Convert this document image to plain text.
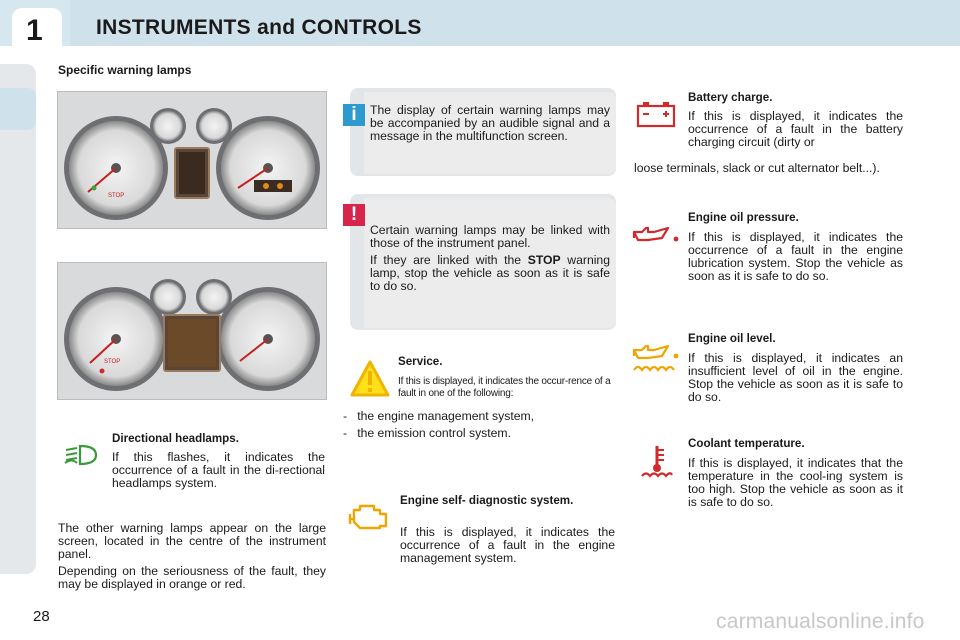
1	INSTRUMENTS and CONTROLS
Specific warning lamps
STOP
STOP
The display of certain warning lamps may be accompanied by an audible signal and a message in the multifunction screen.
i
Certain warning lamps may be linked with those of the instrument panel.
If they are linked with the STOP warning lamp, stop the vehicle as soon as it is safe to do so.
!
Service.
If this is displayed, it indicates the occur-rence of a fault in one of the following:
-   the engine management system,
-   the emission control system.
Directional headlamps.
If this flashes, it indicates the occurrence of a fault in the di-rectional headlamps system.
The other warning lamps appear on the large screen, located in the centre of the instrument panel.
Depending on the seriousness of the fault, they may be displayed in orange or red.
Engine self- diagnostic system.
If this is displayed, it indicates the occurrence of a fault in the engine management system.
Battery charge.
If this is displayed, it indicates the occurrence of a fault in the battery charging circuit (dirty or
loose terminals, slack or cut alternator belt...).
Engine oil pressure.
If this is displayed, it indicates the occurrence of a fault in the engine lubrication system. Stop the vehicle as soon as it is safe to do so.
Engine oil level.
If this is displayed, it indicates an insufficient level of oil in the engine. Stop the vehicle as soon as it is safe to do so.
Coolant temperature.
If this is displayed, it indicates that the temperature in the cool-ing system is too high. Stop the vehicle as soon as it is safe to do so.
28	carmanualsonline.info
